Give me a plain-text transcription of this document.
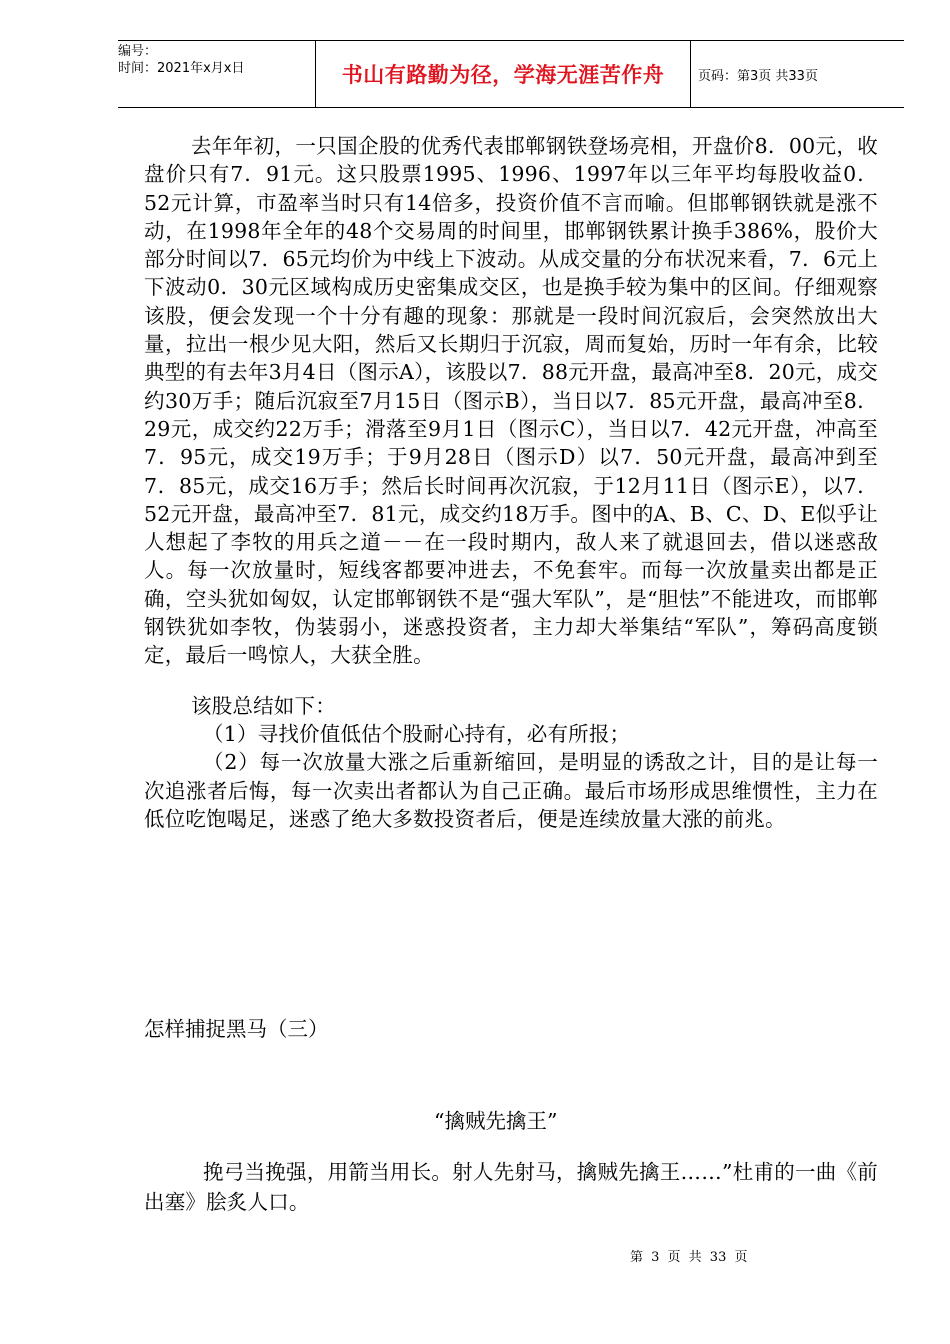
编号：
时间：2021年x月x日	书山有路勤为径，学海无涯苦作舟	页码：第3页 共33页

去年年初，一只国企股的优秀代表邯郸钢铁登场亮相，开盘价8．00元，收盘价只有7．91元。这只股票1995、1996、1997年以三年平均每股收益0．52元计算，市盈率当时只有14倍多，投资价值不言而喻。但邯郸钢铁就是涨不动，在1998年全年的48个交易周的时间里，邯郸钢铁累计换手386%，股价大部分时间以7．65元均价为中线上下波动。从成交量的分布状况来看，7．6元上下波动0．30元区域构成历史密集成交区，也是换手较为集中的区间。仔细观察该股，便会发现一个十分有趣的现象：那就是一段时间沉寂后，会突然放出大量，拉出一根少见大阳，然后又长期归于沉寂，周而复始，历时一年有余，比较典型的有去年3月4日（图示A），该股以7．88元开盘，最高冲至8．20元，成交约30万手；随后沉寂至7月15日（图示B），当日以7．85元开盘，最高冲至8．29元，成交约22万手；滑落至9月1日（图示C），当日以7．42元开盘，冲高至7．95元，成交19万手；于9月28日（图示D）以7．50元开盘，最高冲到至7．85元，成交16万手；然后长时间再次沉寂，于12月11日（图示E），以7．52元开盘，最高冲至7．81元，成交约18万手。图中的A、B、C、D、E似乎让人想起了李牧的用兵之道－－在一段时期内，敌人来了就退回去，借以迷惑敌人。每一次放量时，短线客都要冲进去，不免套牢。而每一次放量卖出都是正确，空头犹如匈奴，认定邯郸钢铁不是“强大军队”，是“胆怯”不能进攻，而邯郸钢铁犹如李牧，伪装弱小，迷惑投资者，主力却大举集结“军队”，筹码高度锁定，最后一鸣惊人，大获全胜。

该股总结如下：

（1）寻找价值低估个股耐心持有，必有所报；

（2）每一次放量大涨之后重新缩回，是明显的诱敌之计，目的是让每一次追涨者后悔，每一次卖出者都认为自己正确。最后市场形成思维惯性，主力在低位吃饱喝足，迷惑了绝大多数投资者后，便是连续放量大涨的前兆。

怎样捕捉黑马（三）
“擒贼先擒王”

挽弓当挽强，用箭当用长。射人先射马，擒贼先擒王……”杜甫的一曲《前出塞》脍炙人口。

第 3 页 共 33 页
